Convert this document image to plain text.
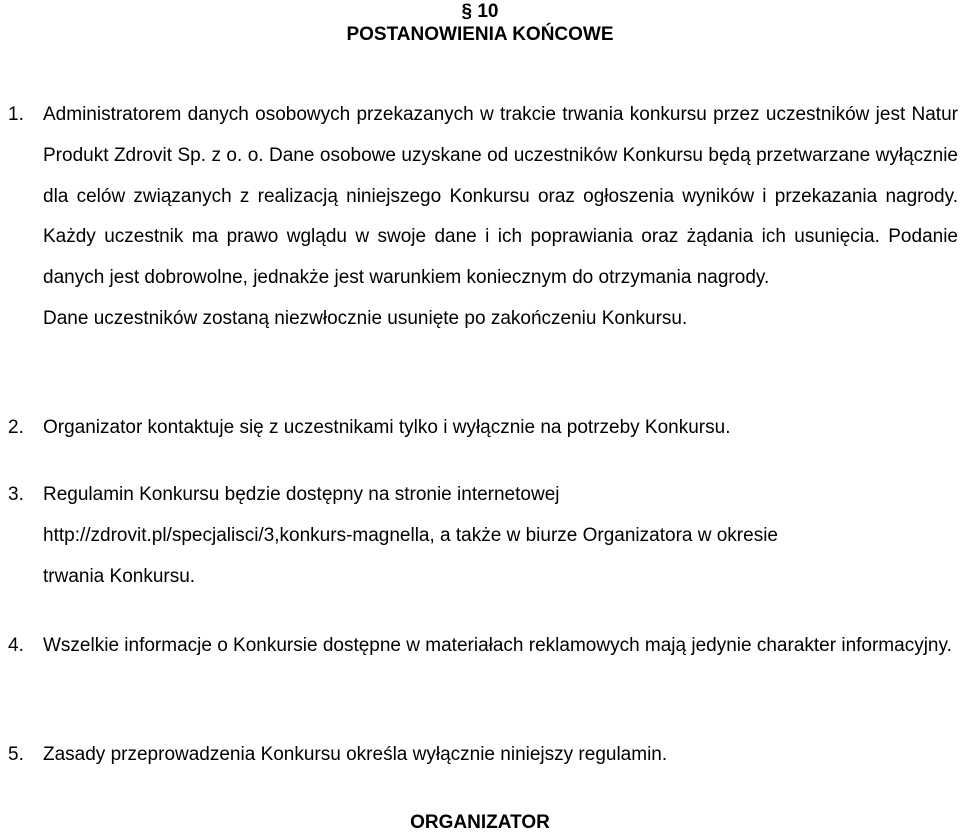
§ 10
POSTANOWIENIA KOŃCOWE
1. Administratorem danych osobowych przekazanych w trakcie trwania konkursu przez uczestników jest Natur Produkt Zdrovit Sp. z o. o. Dane osobowe uzyskane od uczestników Konkursu będą przetwarzane wyłącznie dla celów związanych z realizacją niniejszego Konkursu oraz ogłoszenia wyników i przekazania nagrody. Każdy uczestnik ma prawo wglądu w swoje dane i ich poprawiania oraz żądania ich usunięcia. Podanie danych jest dobrowolne, jednakże jest warunkiem koniecznym do otrzymania nagrody.

Dane uczestników zostaną niezwłocznie usunięte po zakończeniu Konkursu.

2. Organizator kontaktuje się z uczestnikami tylko i wyłącznie na potrzeby Konkursu.
3. Regulamin Konkursu będzie dostępny na stronie internetowej

http://zdrovit.pl/specjalisci/3,konkurs-magnella, a także w biurze Organizatora w okresie

trwania Konkursu.

4. Wszelkie informacje o Konkursie dostępne w materiałach reklamowych mają jedynie charakter informacyjny.
5. Zasady przeprowadzenia Konkursu określa wyłącznie niniejszy regulamin.
ORGANIZATOR
